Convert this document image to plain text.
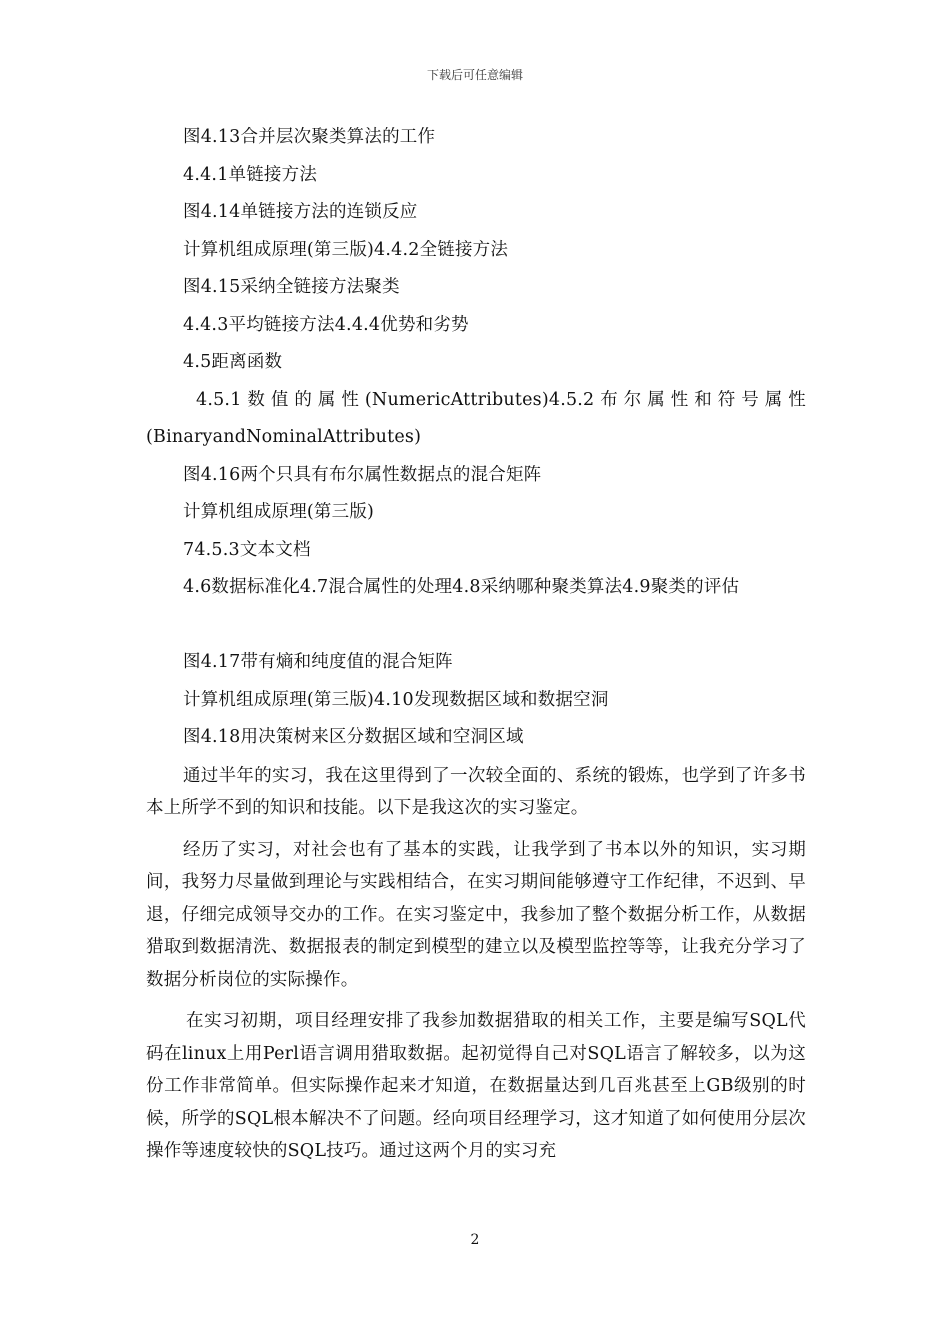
下载后可任意编辑
图4.13合并层次聚类算法的工作
4.4.1单链接方法
图4.14单链接方法的连锁反应
计算机组成原理(第三版)4.4.2全链接方法
图4.15采纳全链接方法聚类
4.4.3平均链接方法4.4.4优势和劣势
4.5距离函数
4.5.1数值的属性(NumericAttributes)4.5.2布尔属性和符号属性
(BinaryandNominalAttributes)
图4.16两个只具有布尔属性数据点的混合矩阵
计算机组成原理(第三版)
74.5.3文本文档
4.6数据标准化4.7混合属性的处理4.8采纳哪种聚类算法4.9聚类的评估
图4.17带有熵和纯度值的混合矩阵
计算机组成原理(第三版)4.10发现数据区域和数据空洞
图4.18用决策树来区分数据区域和空洞区域

通过半年的实习，我在这里得到了一次较全面的、系统的锻炼，也学到了许多书本上所学不到的知识和技能。以下是我这次的实习鉴定。

经历了实习，对社会也有了基本的实践，让我学到了书本以外的知识，实习期间，我努力尽量做到理论与实践相结合，在实习期间能够遵守工作纪律，不迟到、早退，仔细完成领导交办的工作。在实习鉴定中，我参加了整个数据分析工作，从数据猎取到数据清洗、数据报表的制定到模型的建立以及模型监控等等，让我充分学习了数据分析岗位的实际操作。

在实习初期，项目经理安排了我参加数据猎取的相关工作，主要是编写SQL代码在linux上用Perl语言调用猎取数据。起初觉得自己对SQL语言了解较多，以为这份工作非常简单。但实际操作起来才知道，在数据量达到几百兆甚至上GB级别的时候，所学的SQL根本解决不了问题。经向项目经理学习，这才知道了如何使用分层次操作等速度较快的SQL技巧。通过这两个月的实习充

2
